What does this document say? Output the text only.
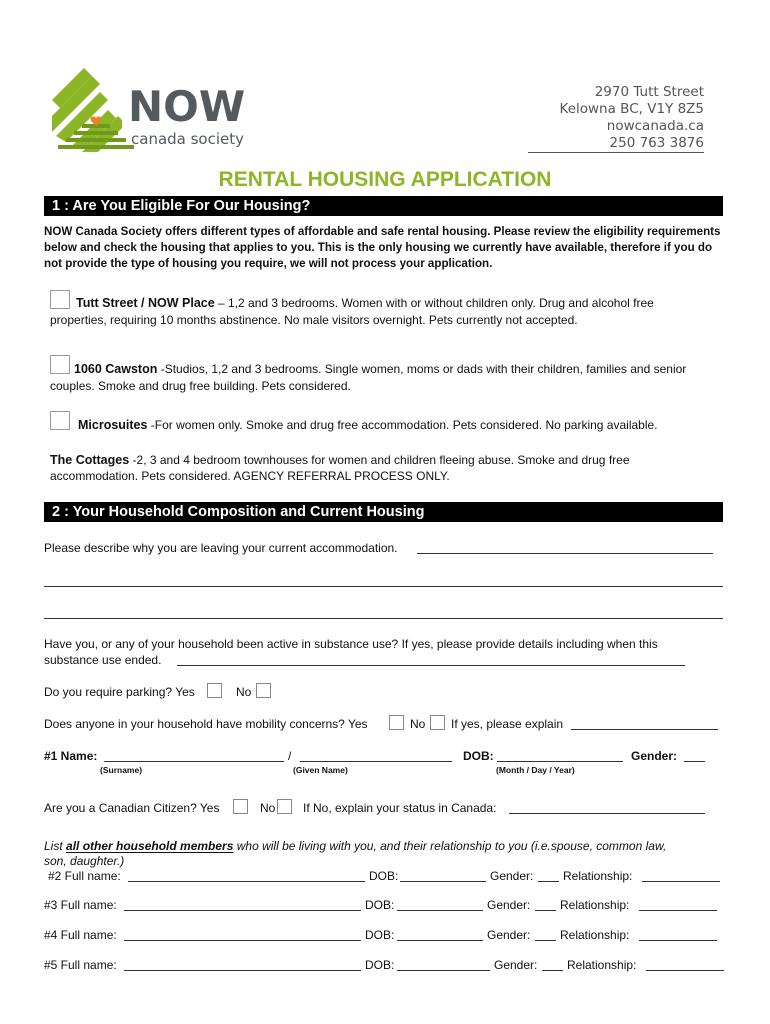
NOW
canada society
2970 Tutt Street
Kelowna BC, V1Y 8Z5
nowcanada.ca
250 763 3876
RENTAL HOUSING APPLICATION
1 : Are You Eligible For Our Housing?
NOW Canada Society offers different types of affordable and safe rental housing. Please review the eligibility requirements below and check the housing that applies to you. This is the only housing we currently have available, therefore if you do not provide the type of housing you require, we will not process your application.
Tutt Street / NOW Place – 1,2 and 3 bedrooms. Women with or without children only. Drug and alcohol free
properties, requiring 10 months abstinence. No male visitors overnight. Pets currently not accepted.
1060 Cawston -Studios, 1,2 and 3 bedrooms. Single women, moms or dads with their children, families and senior
couples. Smoke and drug free building. Pets considered.
Microsuites -For women only. Smoke and drug free accommodation. Pets considered. No parking available.
The Cottages -2, 3 and 4 bedroom townhouses for women and children fleeing abuse. Smoke and drug free
accommodation. Pets considered. AGENCY REFERRAL PROCESS ONLY.
2 : Your Household Composition and Current Housing
Please describe why you are leaving your current accommodation.
Have you, or any of your household been active in substance use? If yes, please provide details including when this
substance use ended.
Do you require parking? Yes	No
Does anyone in your household have mobility concerns? Yes	No If yes, please explain
#1 Name:	/	DOB:	Gender:
(Surname)	(Given Name)	(Month / Day / Year)
Are you a Canadian Citizen? Yes	No If No, explain your status in Canada:
List all other household members who will be living with you, and their relationship to you (i.e.spouse, common law,
son, daughter.)
#2 Full name:	DOB:	Gender: Relationship:
#3 Full name:	DOB:	Gender: Relationship:
#4 Full name:	DOB:	Gender: Relationship:
#5 Full name:	DOB:	Gender: Relationship:
